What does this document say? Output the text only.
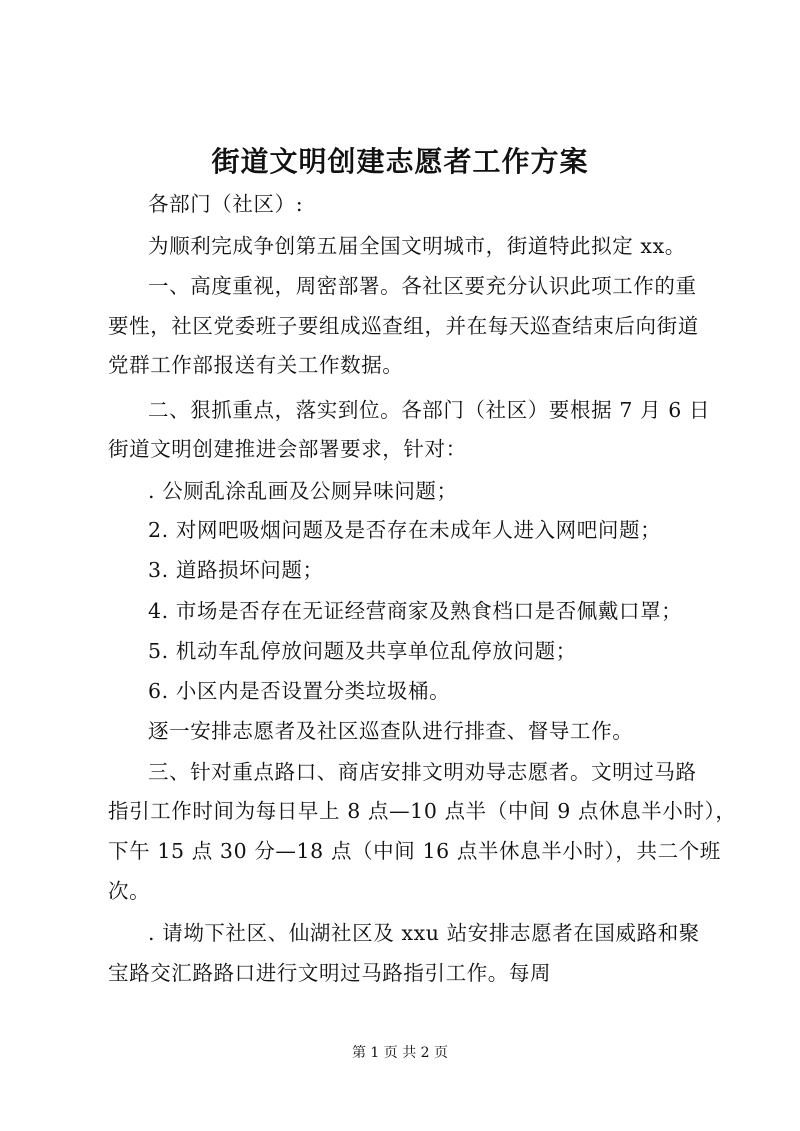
街道文明创建志愿者工作方案
各部门（社区）:
为顺利完成争创第五届全国文明城市，街道特此拟定 xx。
一、高度重视，周密部署。各社区要充分认识此项工作的重
要性，社区党委班子要组成巡查组，并在每天巡查结束后向街道
党群工作部报送有关工作数据。
二、狠抓重点，落实到位。各部门（社区）要根据 7 月 6 日
街道文明创建推进会部署要求，针对：
. 公厕乱涂乱画及公厕异味问题；
2. 对网吧吸烟问题及是否存在未成年人进入网吧问题；
3. 道路损坏问题；
4. 市场是否存在无证经营商家及熟食档口是否佩戴口罩；
5. 机动车乱停放问题及共享单位乱停放问题；
6. 小区内是否设置分类垃圾桶。
逐一安排志愿者及社区巡查队进行排查、督导工作。
三、针对重点路口、商店安排文明劝导志愿者。文明过马路
指引工作时间为每日早上 8 点—10 点半（中间 9 点休息半小时），
下午 15 点 30 分—18 点（中间 16 点半休息半小时），共二个班
次。
. 请坳下社区、仙湖社区及 xxu 站安排志愿者在国威路和聚
宝路交汇路路口进行文明过马路指引工作。每周
第 1 页 共 2 页
